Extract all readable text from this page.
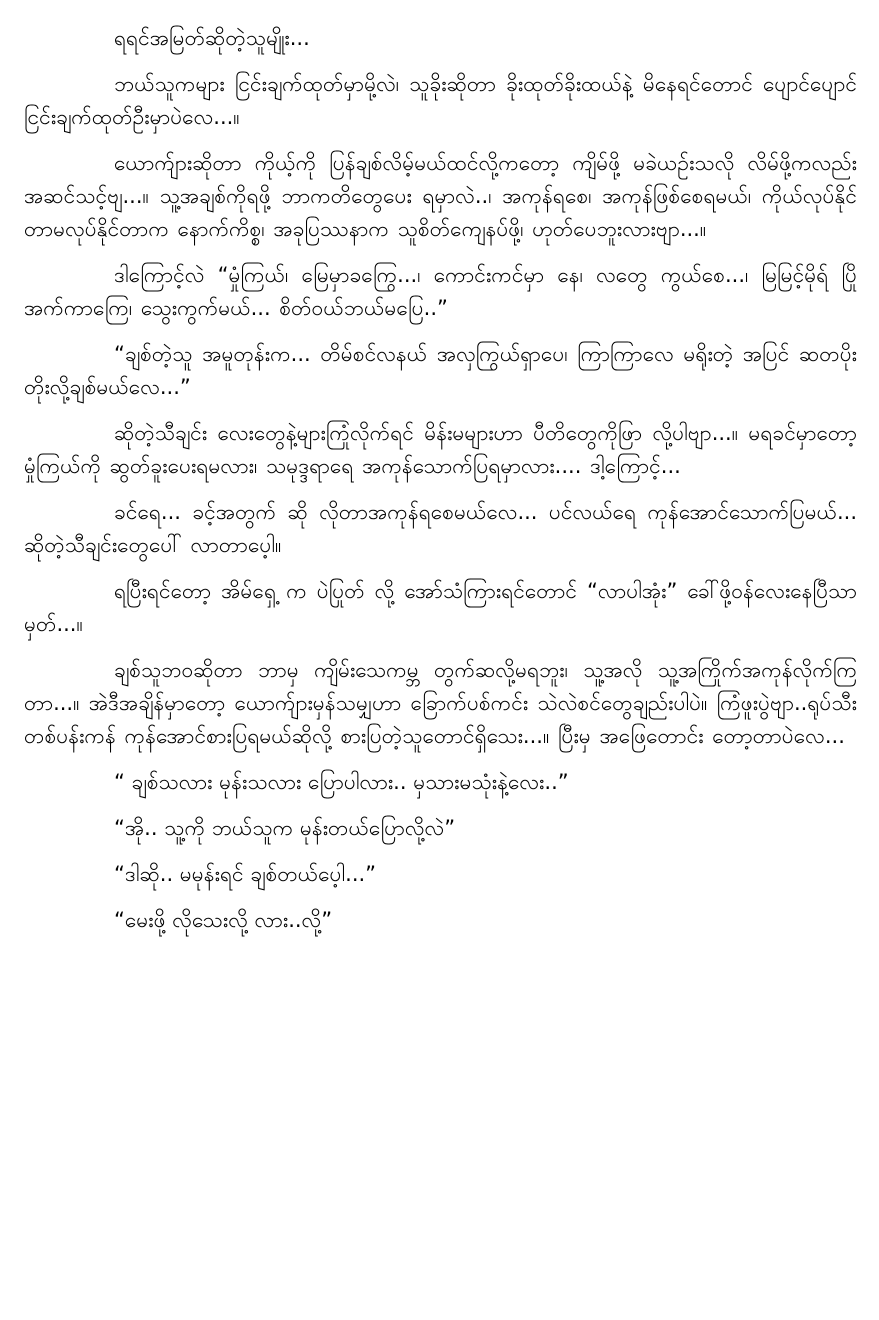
ရရင်အမြတ်ဆိုတဲ့သူမျိုး...

ဘယ်သူကများ ငြင်းချက်ထုတ်မှာမို့လဲ၊ သူခိုးဆိုတာ ခိုးထုတ်ခိုးထယ်နဲ့ မိနေရင်တောင် ပျောင်ပျောင်ငြင်းချက်ထုတ်ဦးမှာပဲလေ...။

ယောက်ျားဆိုတာ ကိုယ့်ကို ပြန်ချစ်လိမ့်မယ်ထင်လို့ကတော့ ကျိမ်ဖို့ မခဲယဉ်းသလို လိမ်ဖို့ကလည်းအဆင်သင့်ဗျ...။ သူ့အချစ်ကိုရဖို့ ဘာကတိတွေပေး ရမှာလဲ..၊ အကုန်ရစေ၊ အကုန်ဖြစ်စေရမယ်၊ ကိုယ်လုပ်နိုင်တာမလုပ်နိုင်တာက နောက်ကိစ္စ၊ အခုပြဿနာက သူစိတ်ကျေနပ်ဖို့၊ ဟုတ်ပေဘူးလားဗျာ...။

ဒါကြောင့်လဲ “မှုံကြယ်၊ မြေမှာခကြွေ...၊ ကောင်းကင်မှာ နေ၊ လတွေ ကွယ်စေ...၊ မြမြင့်မိုရ် ပြိုအက်ကာကြေ၊ သွေးကွက်မယ်... စိတ်ဝယ်ဘယ်မပြေ..”

“ချစ်တဲ့သူ အမူတုန်းက... တိမ်စင်လနယ် အလှကြွယ်ရှာပေ၊ ကြာကြာလေ မရိုးတဲ့ အပြင် ဆတပိုးတိုးလို့ချစ်မယ်လေ...”

ဆိုတဲ့သီချင်း လေးတွေနဲ့များကြုံလိုက်ရင် မိန်းမများဟာ ပီတိတွေကိုဖြာ လို့ပါဗျာ...။ မရခင်မှာတော့ မှုံကြယ်ကို ဆွတ်ခူးပေးရမလား၊ သမုဒ္ဒရာရေ အကုန်သောက်ပြရမှာလား.... ဒါ့ကြောင့်...

ခင်ရေ... ခင့်အတွက် ဆို လိုတာအကုန်ရစေမယ်လေ... ပင်လယ်ရေ ကုန်အောင်သောက်ပြမယ်... ဆိုတဲ့သီချင်းတွေပေါ် လာတာပေ့ါ။

ရပြီးရင်တော့ အိမ်ရှေ့ က ပဲပြုတ် လို့ အော်သံကြားရင်တောင် “လာပါအုံး” ခေါ်ဖို့ဝန်လေးနေပြီသာမှတ်...။

ချစ်သူဘဝဆိုတာ ဘာမှ ကျိမ်းသေကမ္ဘ တွက်ဆလို့မရဘူး၊ သူ့အလို သူ့အကြိုက်အကုန်လိုက်ကြတာ...။ အဲဒီအချိန်မှာတော့ ယောက်ျားမှန်သမျှဟာ ခြောက်ပစ်ကင်း သဲလဲစင်တွေချည်းပါပဲ။ ကြံဖူးပွဲဗျာ..ရုပ်သီး တစ်ပန်းကန် ကုန်အောင်စားပြရမယ်ဆိုလို့ စားပြတဲ့သူတောင်ရှိသေး...။ ပြီးမှ အဖြေတောင်း တော့တာပဲလေ...

“ ချစ်သလား မုန်းသလား ပြောပါလား.. မှသားမသုံးနဲ့လေး..”
“အို.. သူ့ကို ဘယ်သူက မုန်းတယ်ပြောလို့လဲ”
“ဒါဆို.. မမုန်းရင် ချစ်တယ်ပေ့ါ...”
“မေးဖို့ လိုသေးလို့ လား..လို့”
